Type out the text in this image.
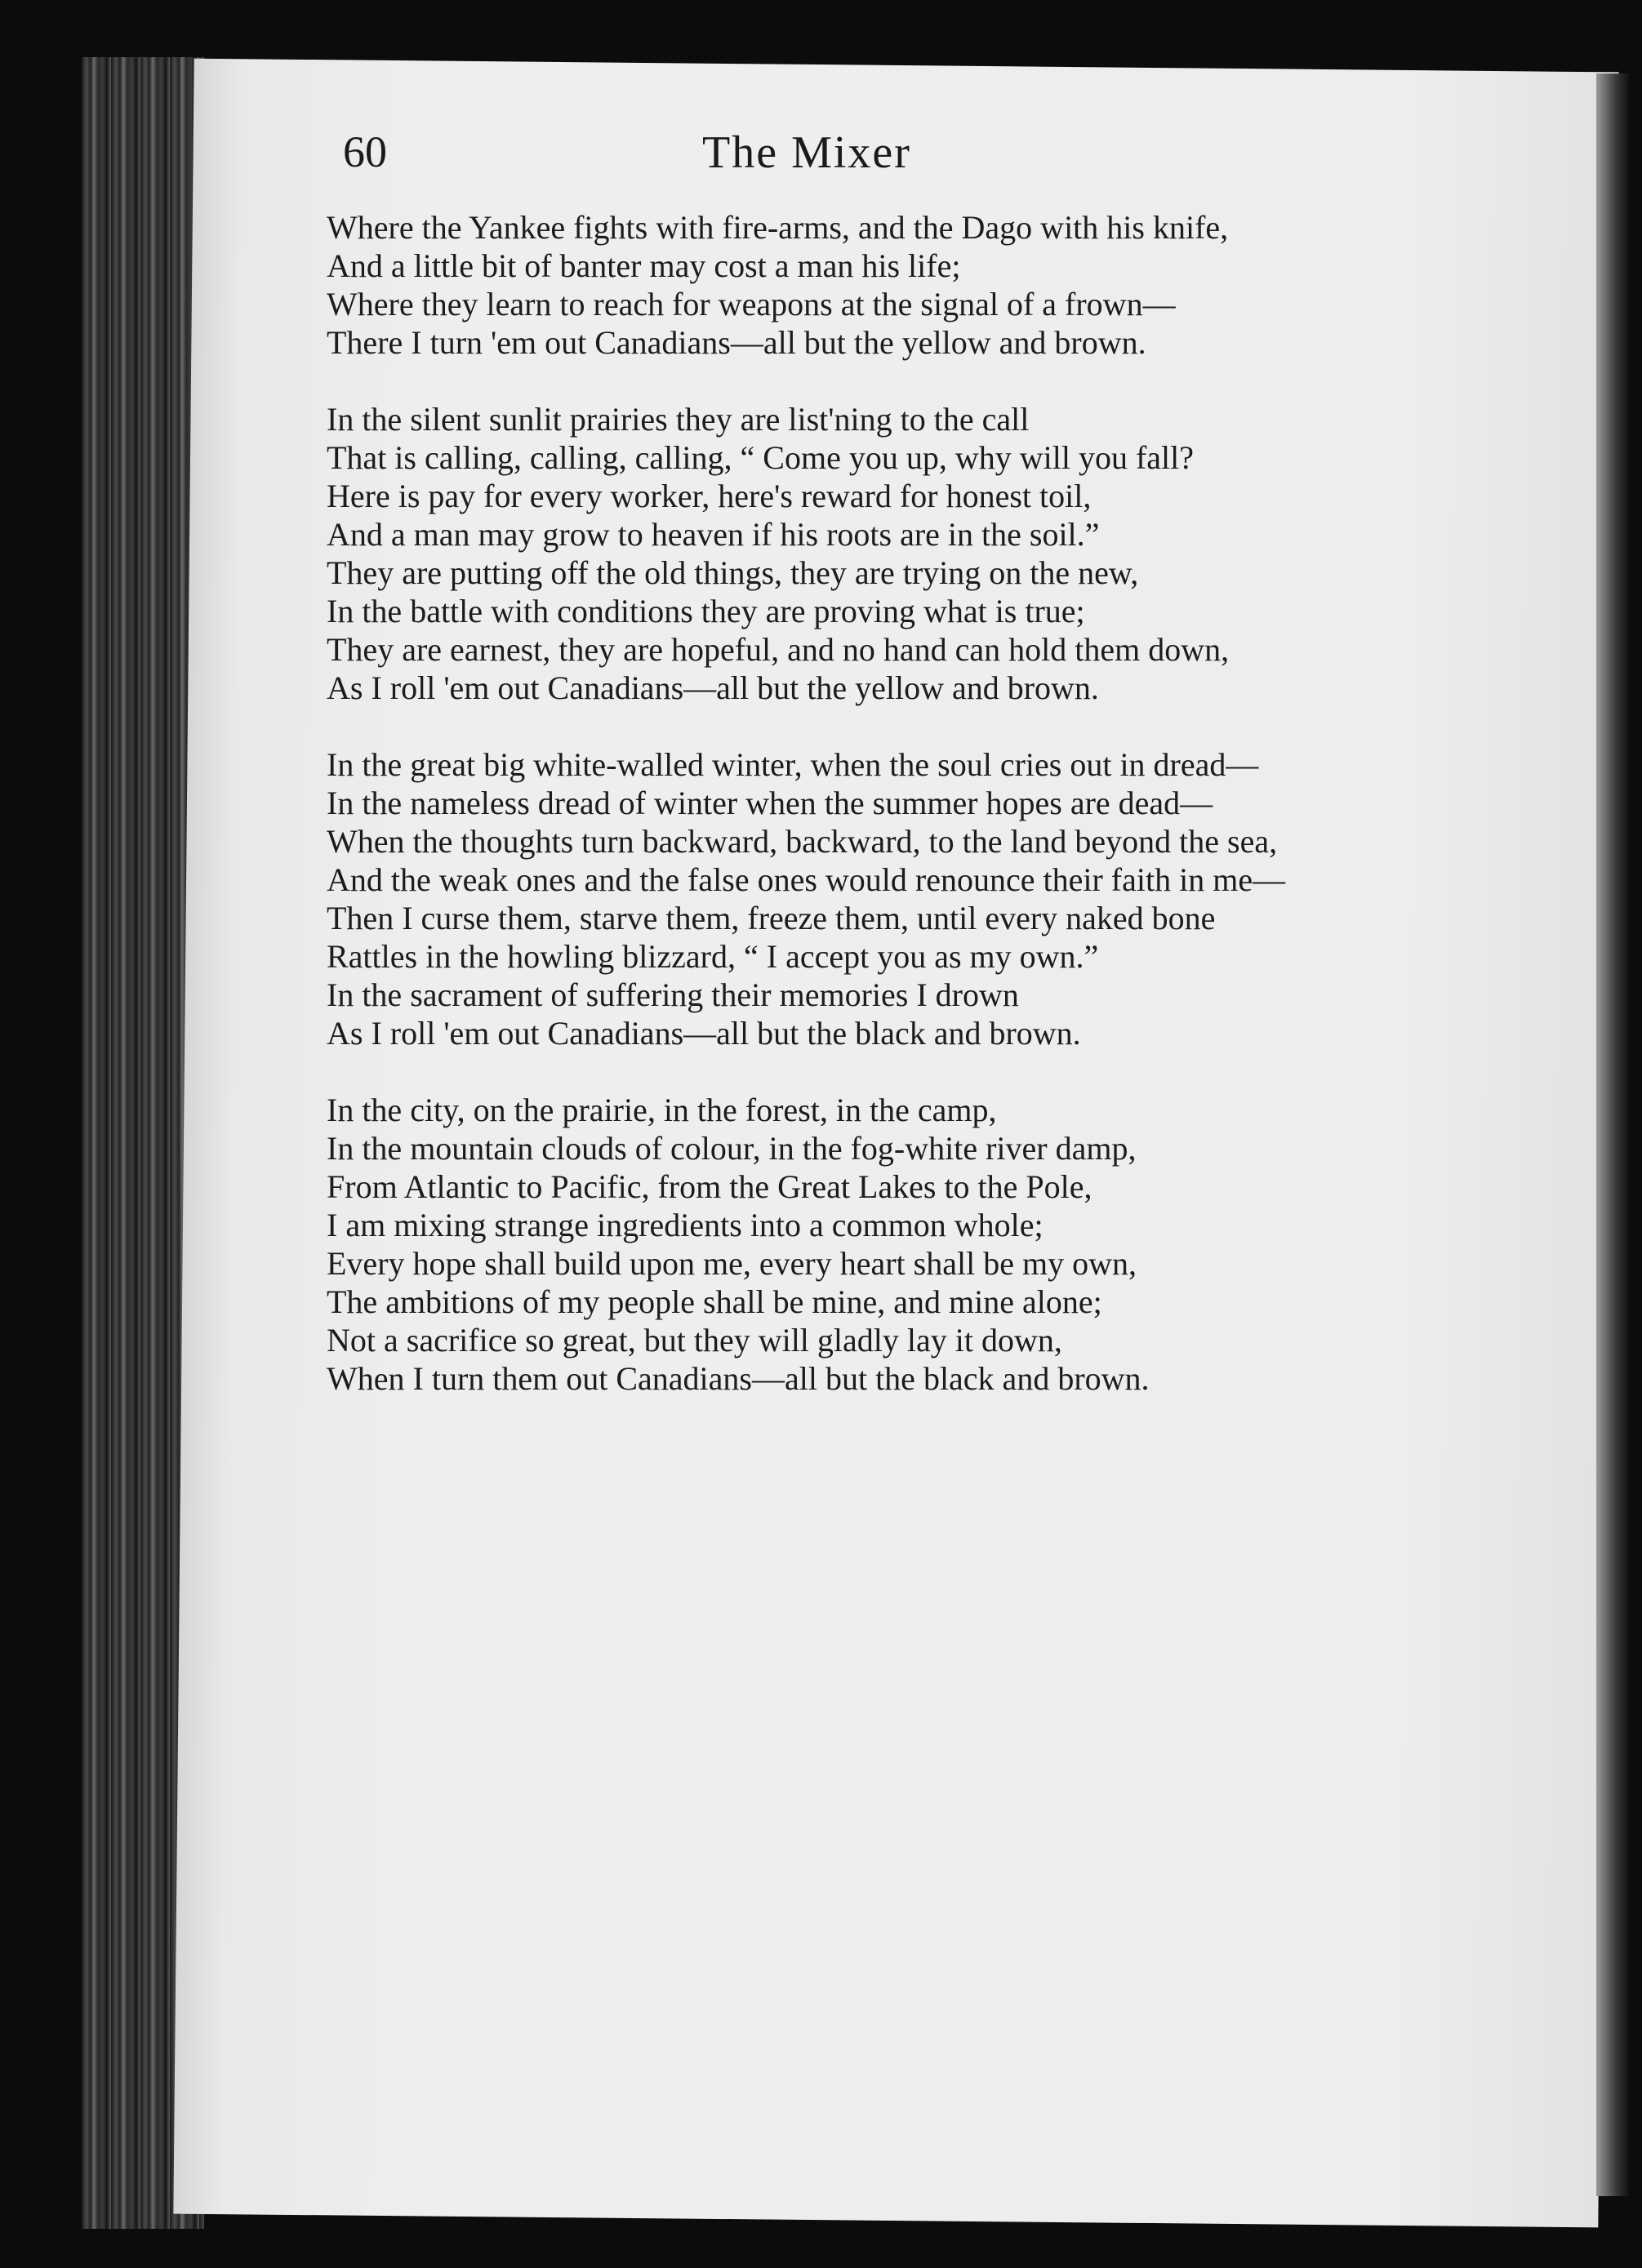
60	The Mixer
Where the Yankee fights with fire-arms, and the Dago with his knife,
And a little bit of banter may cost a man his life;
Where they learn to reach for weapons at the signal of a frown—
There I turn 'em out Canadians—all but the yellow and brown.
In the silent sunlit prairies they are list'ning to the call
That is calling, calling, calling, “ Come you up, why will you fall?
Here is pay for every worker, here's reward for honest toil,
And a man may grow to heaven if his roots are in the soil.”
They are putting off the old things, they are trying on the new,
In the battle with conditions they are proving what is true;
They are earnest, they are hopeful, and no hand can hold them down,
As I roll 'em out Canadians—all but the yellow and brown.
In the great big white-walled winter, when the soul cries out in dread—
In the nameless dread of winter when the summer hopes are dead—
When the thoughts turn backward, backward, to the land beyond the sea,
And the weak ones and the false ones would renounce their faith in me—
Then I curse them, starve them, freeze them, until every naked bone
Rattles in the howling blizzard, “ I accept you as my own.”
In the sacrament of suffering their memories I drown
As I roll 'em out Canadians—all but the black and brown.
In the city, on the prairie, in the forest, in the camp,
In the mountain clouds of colour, in the fog-white river damp,
From Atlantic to Pacific, from the Great Lakes to the Pole,
I am mixing strange ingredients into a common whole;
Every hope shall build upon me, every heart shall be my own,
The ambitions of my people shall be mine, and mine alone;
Not a sacrifice so great, but they will gladly lay it down,
When I turn them out Canadians—all but the black and brown.
